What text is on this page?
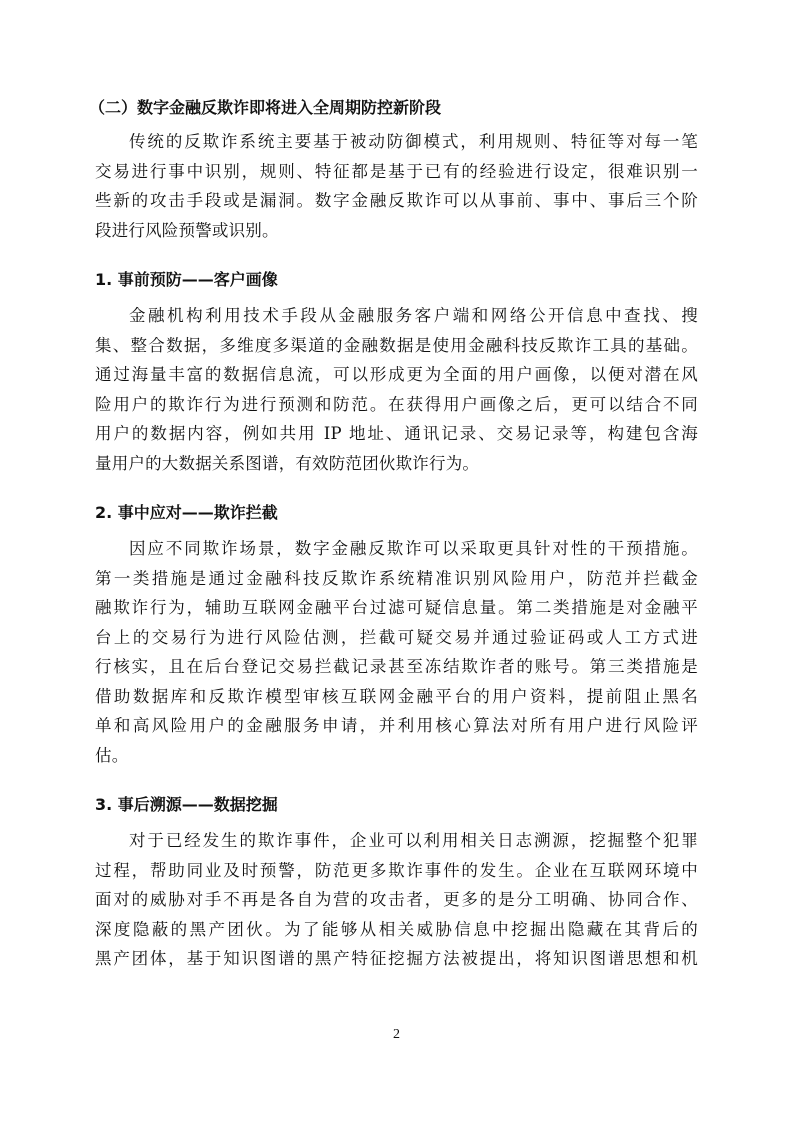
（二）数字金融反欺诈即将进入全周期防控新阶段

传统的反欺诈系统主要基于被动防御模式，利用规则、特征等对每一笔

交易进行事中识别，规则、特征都是基于已有的经验进行设定，很难识别一

些新的攻击手段或是漏洞。数字金融反欺诈可以从事前、事中、事后三个阶

段进行风险预警或识别。

1. 事前预防——客户画像

金融机构利用技术手段从金融服务客户端和网络公开信息中查找、搜

集、整合数据，多维度多渠道的金融数据是使用金融科技反欺诈工具的基础。

通过海量丰富的数据信息流，可以形成更为全面的用户画像，以便对潜在风

险用户的欺诈行为进行预测和防范。在获得用户画像之后，更可以结合不同

用户的数据内容，例如共用 IP 地址、通讯记录、交易记录等，构建包含海

量用户的大数据关系图谱，有效防范团伙欺诈行为。

2. 事中应对——欺诈拦截

因应不同欺诈场景，数字金融反欺诈可以采取更具针对性的干预措施。

第一类措施是通过金融科技反欺诈系统精准识别风险用户，防范并拦截金

融欺诈行为，辅助互联网金融平台过滤可疑信息量。第二类措施是对金融平

台上的交易行为进行风险估测，拦截可疑交易并通过验证码或人工方式进

行核实，且在后台登记交易拦截记录甚至冻结欺诈者的账号。第三类措施是

借助数据库和反欺诈模型审核互联网金融平台的用户资料，提前阻止黑名

单和高风险用户的金融服务申请，并利用核心算法对所有用户进行风险评

估。

3. 事后溯源——数据挖掘

对于已经发生的欺诈事件，企业可以利用相关日志溯源，挖掘整个犯罪

过程，帮助同业及时预警，防范更多欺诈事件的发生。企业在互联网环境中

面对的威胁对手不再是各自为营的攻击者，更多的是分工明确、协同合作、

深度隐蔽的黑产团伙。为了能够从相关威胁信息中挖掘出隐藏在其背后的

黑产团体，基于知识图谱的黑产特征挖掘方法被提出，将知识图谱思想和机

2
